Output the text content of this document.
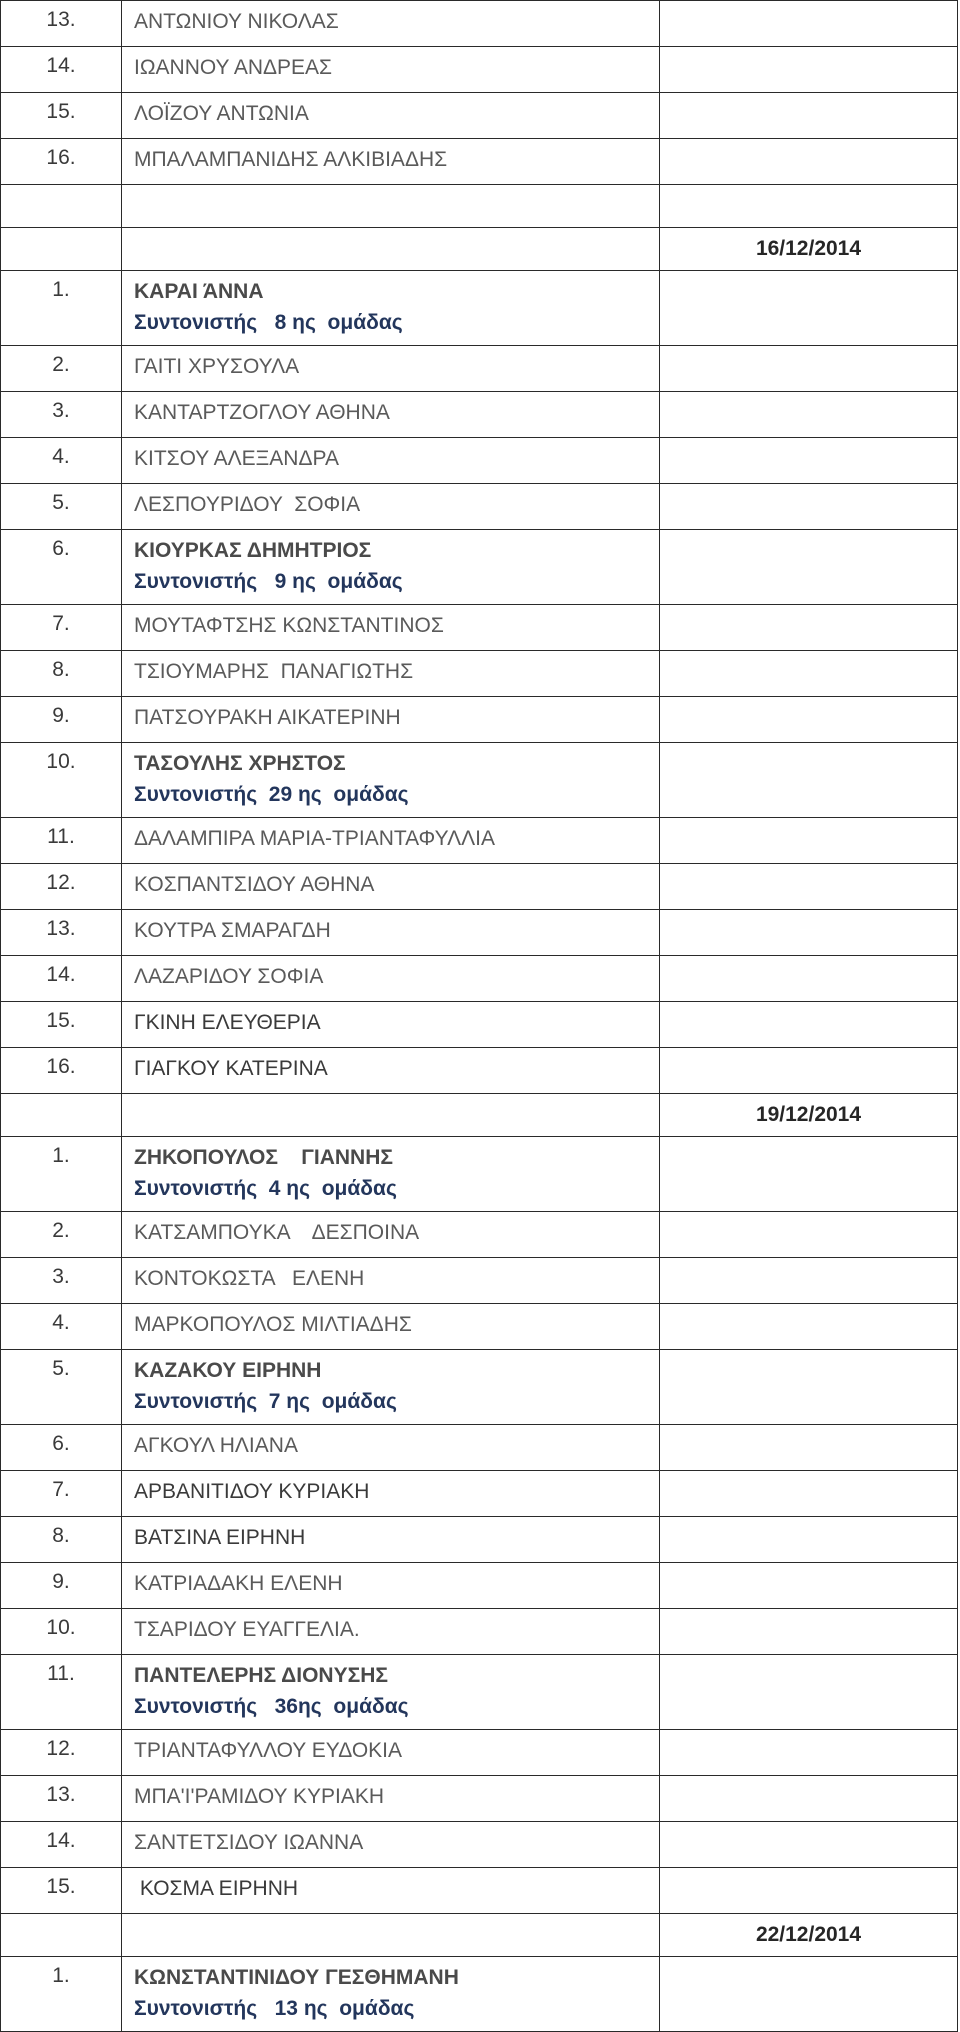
13.	ΑΝΤΩΝΙΟΥ ΝΙΚΟΛΑΣ	

14.	ΙΩΑΝΝΟΥ ΑΝΔΡΕΑΣ	

15.	ΛΟΪΖΟΥ ΑΝΤΩΝΙΑ	

16.	ΜΠΑΛΑΜΠΑΝΙΔΗΣ ΑΛΚΙΒΙΑΔΗΣ	

	16/12/2014
1.	ΚΑΡΑΙ ΆΝΝΑ
Συντονιστής   8 ης  ομάδας	

2.	ΓΑΙΤΙ ΧΡΥΣΟΥΛΑ	

3.	ΚΑΝΤΑΡΤΖΟΓΛΟΥ ΑΘΗΝΑ	

4.	ΚΙΤΣΟΥ ΑΛΕΞΑΝΔΡΑ	

5.	ΛΕΣΠΟΥΡΙΔΟΥ  ΣΟΦΙΑ	

6.	ΚΙΟΥΡΚΑΣ ΔΗΜΗΤΡΙΟΣ
Συντονιστής   9 ης  ομάδας	

7.	ΜΟΥΤΑΦΤΣΗΣ ΚΩΝΣΤΑΝΤΙΝΟΣ	

8.	ΤΣΙΟΥΜΑΡΗΣ  ΠΑΝΑΓΙΩΤΗΣ	

9.	ΠΑΤΣΟΥΡΑΚΗ ΑΙΚΑΤΕΡΙΝΗ	

10.	ΤΑΣΟΥΛΗΣ ΧΡΗΣΤΟΣ
Συντονιστής  29 ης  ομάδας	

11.	ΔΑΛΑΜΠΙΡΑ ΜΑΡΙΑ-ΤΡΙΑΝΤΑΦΥΛΛΙΑ	

12.	ΚΟΣΠΑΝΤΣΙΔΟΥ ΑΘΗΝΑ	

13.	ΚΟΥΤΡΑ ΣΜΑΡΑΓΔΗ	

14.	ΛΑΖΑΡΙΔΟΥ ΣΟΦΙΑ	

15.	ΓΚΙΝΗ ΕΛΕΥΘΕΡΙΑ	

16.	ΓΙΑΓΚΟΥ ΚΑΤΕΡΙΝΑ	

	19/12/2014
1.	ΖΗΚΟΠΟΥΛΟΣ    ΓΙΑΝΝΗΣ
Συντονιστής  4 ης  ομάδας	

2.	ΚΑΤΣΑΜΠΟΥΚΑ    ΔΕΣΠΟΙΝΑ	

3.	ΚΟΝΤΟΚΩΣΤΑ   ΕΛΕΝΗ	

4.	ΜΑΡΚΟΠΟΥΛΟΣ ΜΙΛΤΙΑΔΗΣ	

5.	ΚΑΖΑΚΟΥ ΕΙΡΗΝΗ
Συντονιστής  7 ης  ομάδας	

6.	ΑΓΚΟΥΛ ΗΛΙΑΝΑ	

7.	ΑΡΒΑΝΙΤΙΔΟΥ ΚΥΡΙΑΚΗ	

8.	ΒΑΤΣΙΝΑ ΕΙΡΗΝΗ	

9.	ΚΑΤΡΙΑΔΑΚΗ ΕΛΕΝΗ	

10.	ΤΣΑΡΙΔΟΥ ΕΥΑΓΓΕΛΙΑ.	

11.	ΠΑΝΤΕΛΕΡΗΣ ΔΙΟΝΥΣΗΣ
Συντονιστής   36ης  ομάδας	

12.	ΤΡΙΑΝΤΑΦΥΛΛΟΥ ΕΥΔΟΚΙΑ	

13.	ΜΠΑ'Ι'ΡΑΜΙΔΟΥ ΚΥΡΙΑΚΗ	

14.	ΣΑΝΤΕΤΣΙΔΟΥ ΙΩΑΝΝΑ	

15.	ΚΟΣΜΑ ΕΙΡΗΝΗ	

	22/12/2014
1.	ΚΩΝΣΤΑΝΤΙΝΙΔΟΥ ΓΕΣΘΗΜΑΝΗ
Συντονιστής   13 ης  ομάδας	
